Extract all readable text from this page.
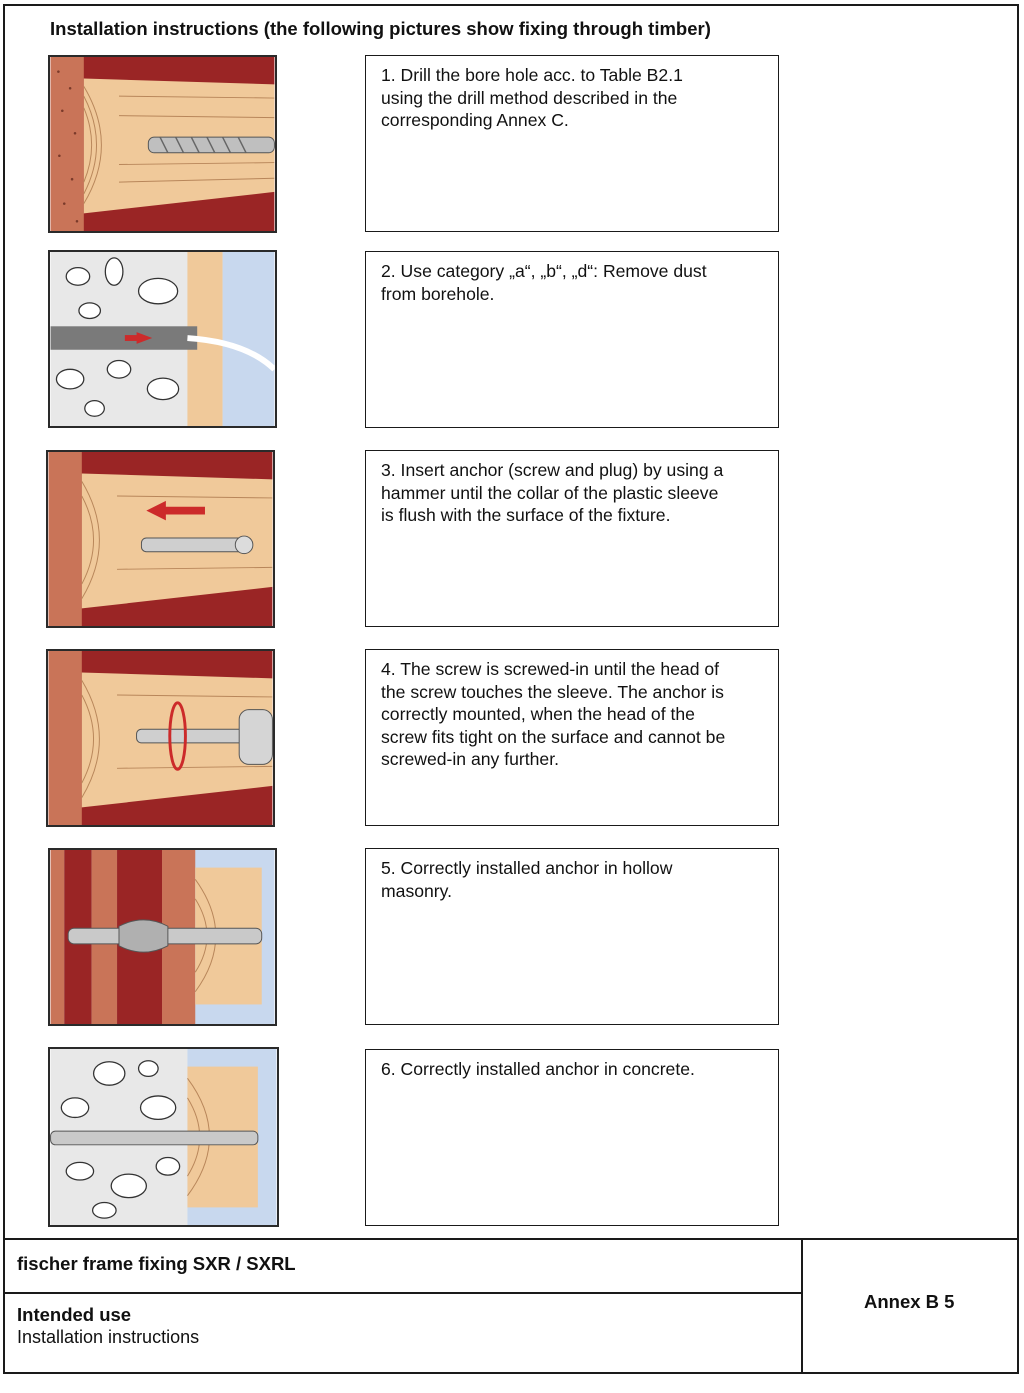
Installation instructions (the following pictures show fixing through timber)
1. Drill the bore hole acc. to Table B2.1
using the drill method described in the
corresponding Annex C.
2. Use category „a“, „b“, „d“: Remove dust
from borehole.
3. Insert anchor (screw and plug) by using a
hammer until the collar of the plastic sleeve
is flush with the surface of the fixture.
4. The screw is screwed-in until the head of
the screw touches the sleeve. The anchor is
correctly mounted, when the head of the
screw fits tight on the surface and cannot be
screwed-in any further.
5. Correctly installed anchor in hollow
masonry.
6. Correctly installed anchor in concrete.
fischer frame fixing SXR / SXRL
Intended use
Installation instructions
Annex B 5
